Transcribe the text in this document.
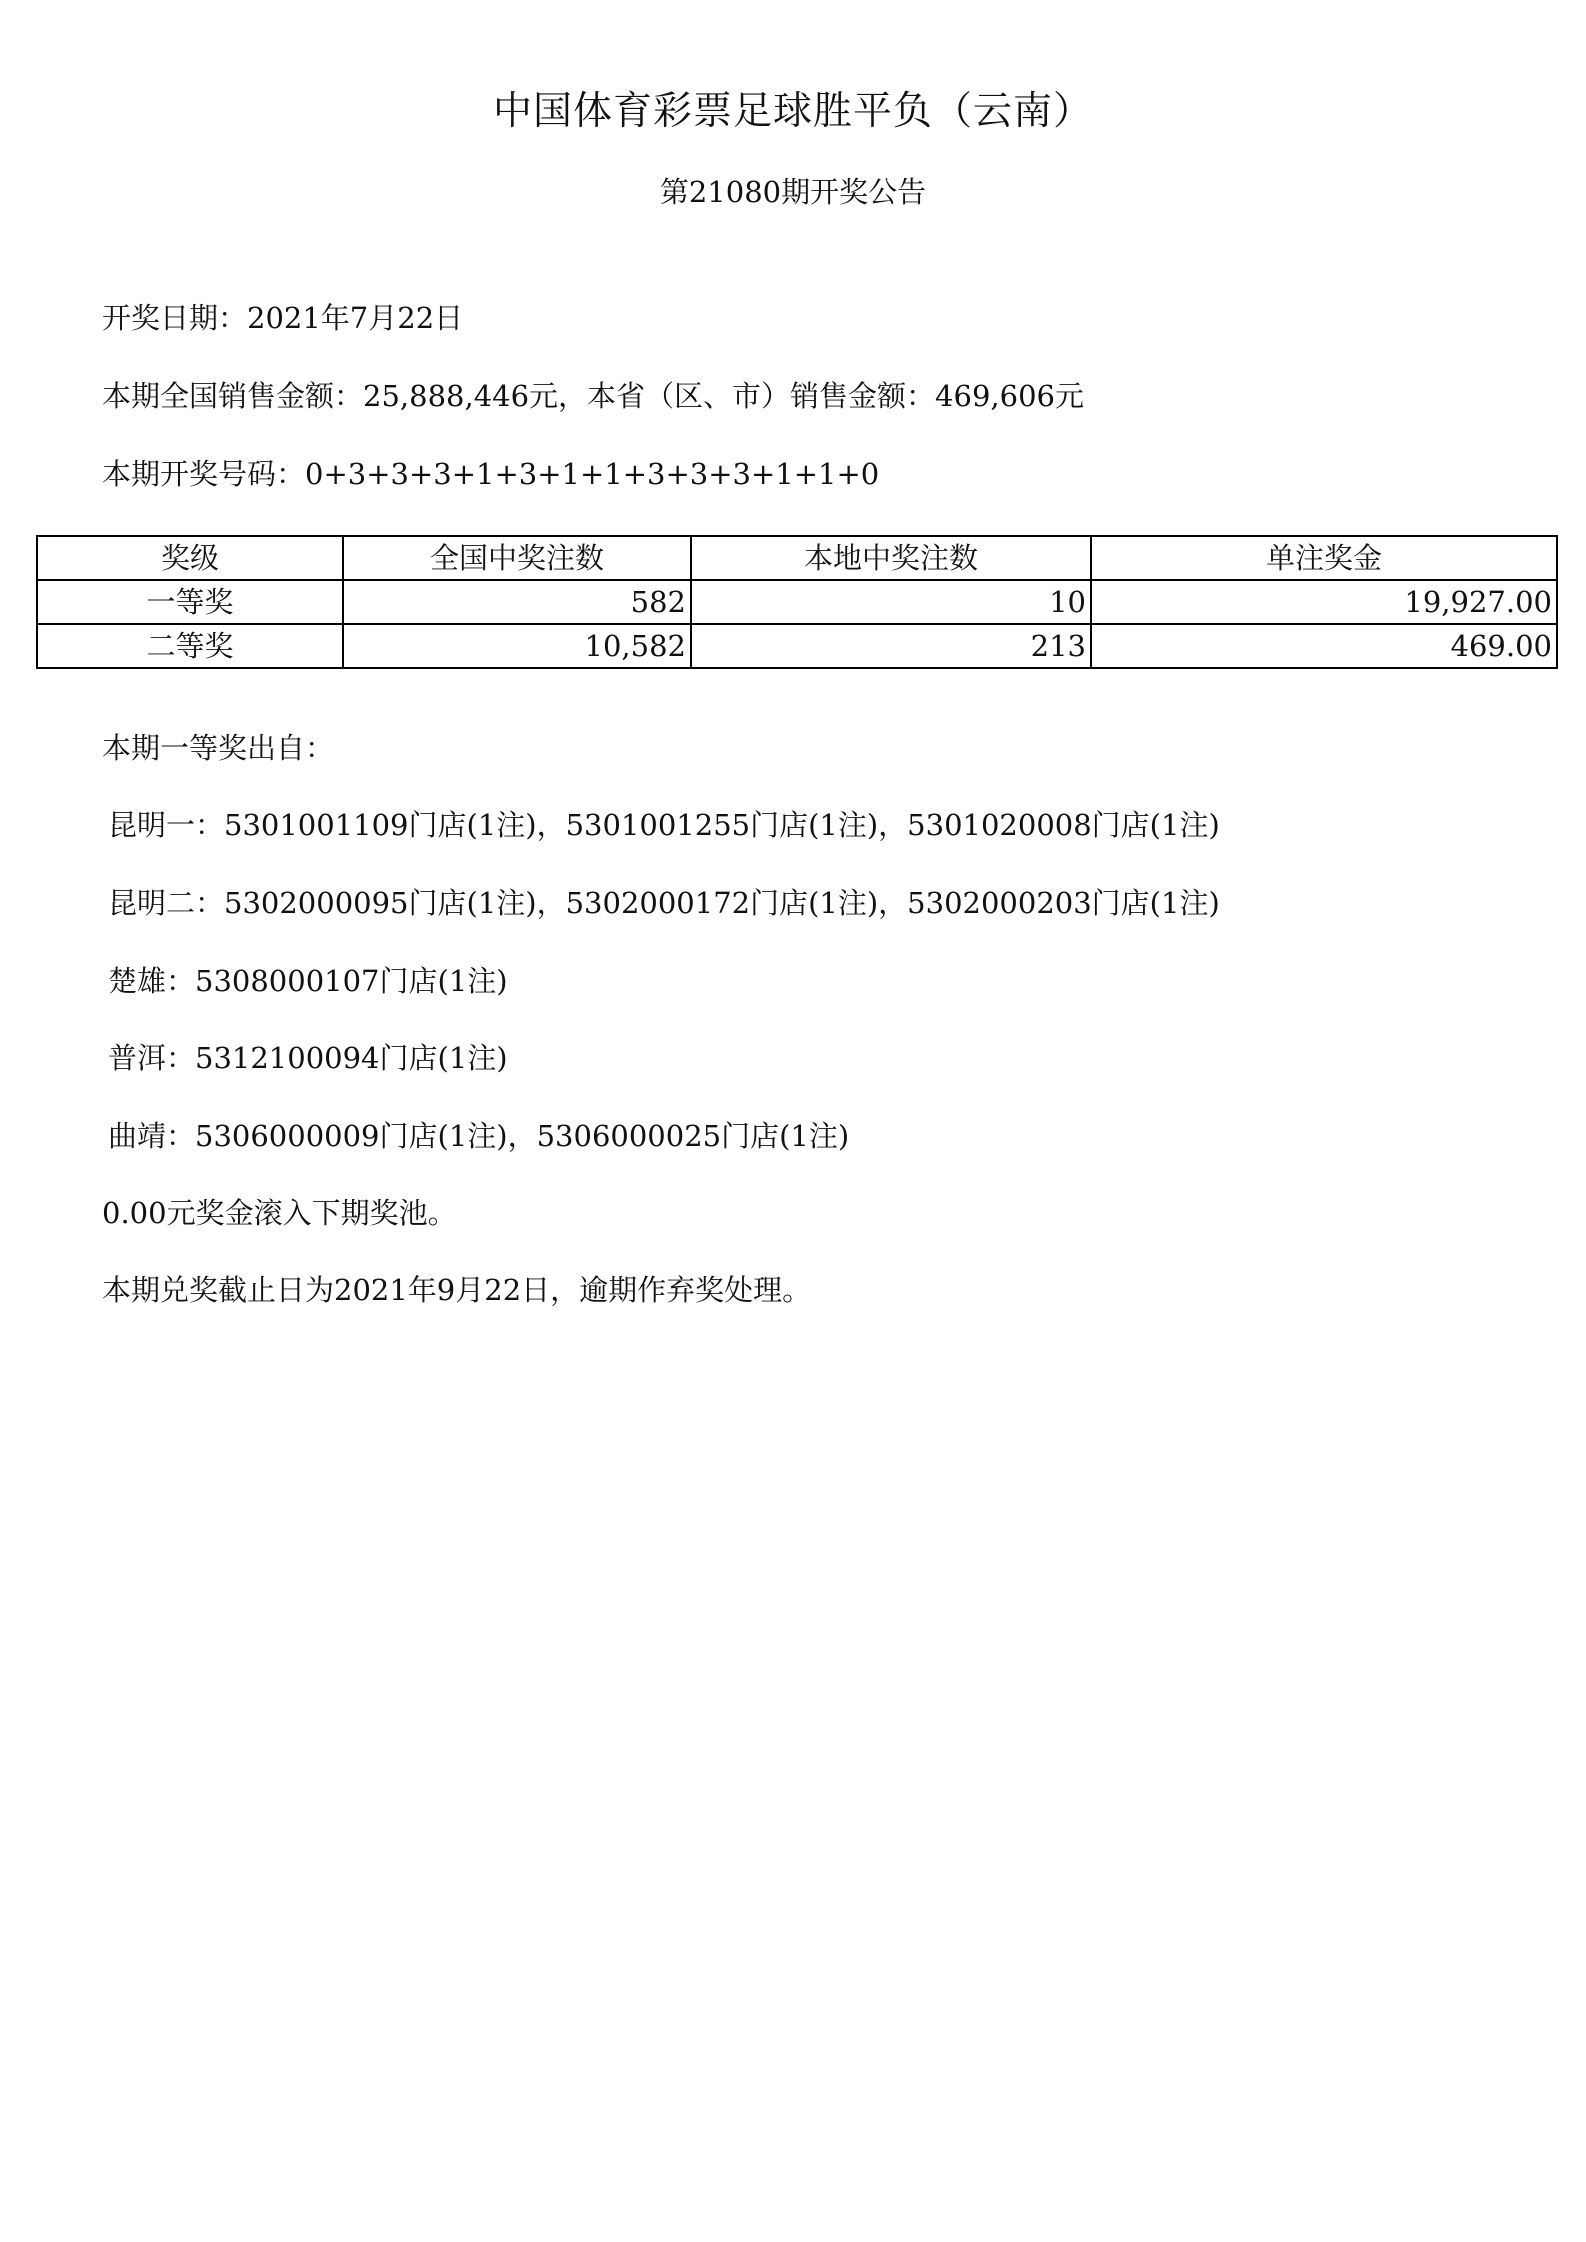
中国体育彩票足球胜平负（云南）
第21080期开奖公告
开奖日期：2021年7月22日
本期全国销售金额：25,888,446元，本省（区、市）销售金额：469,606元
本期开奖号码：0+3+3+3+1+3+1+1+3+3+3+1+1+0
奖级	全国中奖注数	本地中奖注数	单注奖金
一等奖	582	10	19,927.00
二等奖	10,582	213	469.00
本期一等奖出自：
昆明一：5301001109门店(1注)，5301001255门店(1注)，5301020008门店(1注)
昆明二：5302000095门店(1注)，5302000172门店(1注)，5302000203门店(1注)
楚雄：5308000107门店(1注)
普洱：5312100094门店(1注)
曲靖：5306000009门店(1注)，5306000025门店(1注)
0.00元奖金滚入下期奖池。
本期兑奖截止日为2021年9月22日，逾期作弃奖处理。
